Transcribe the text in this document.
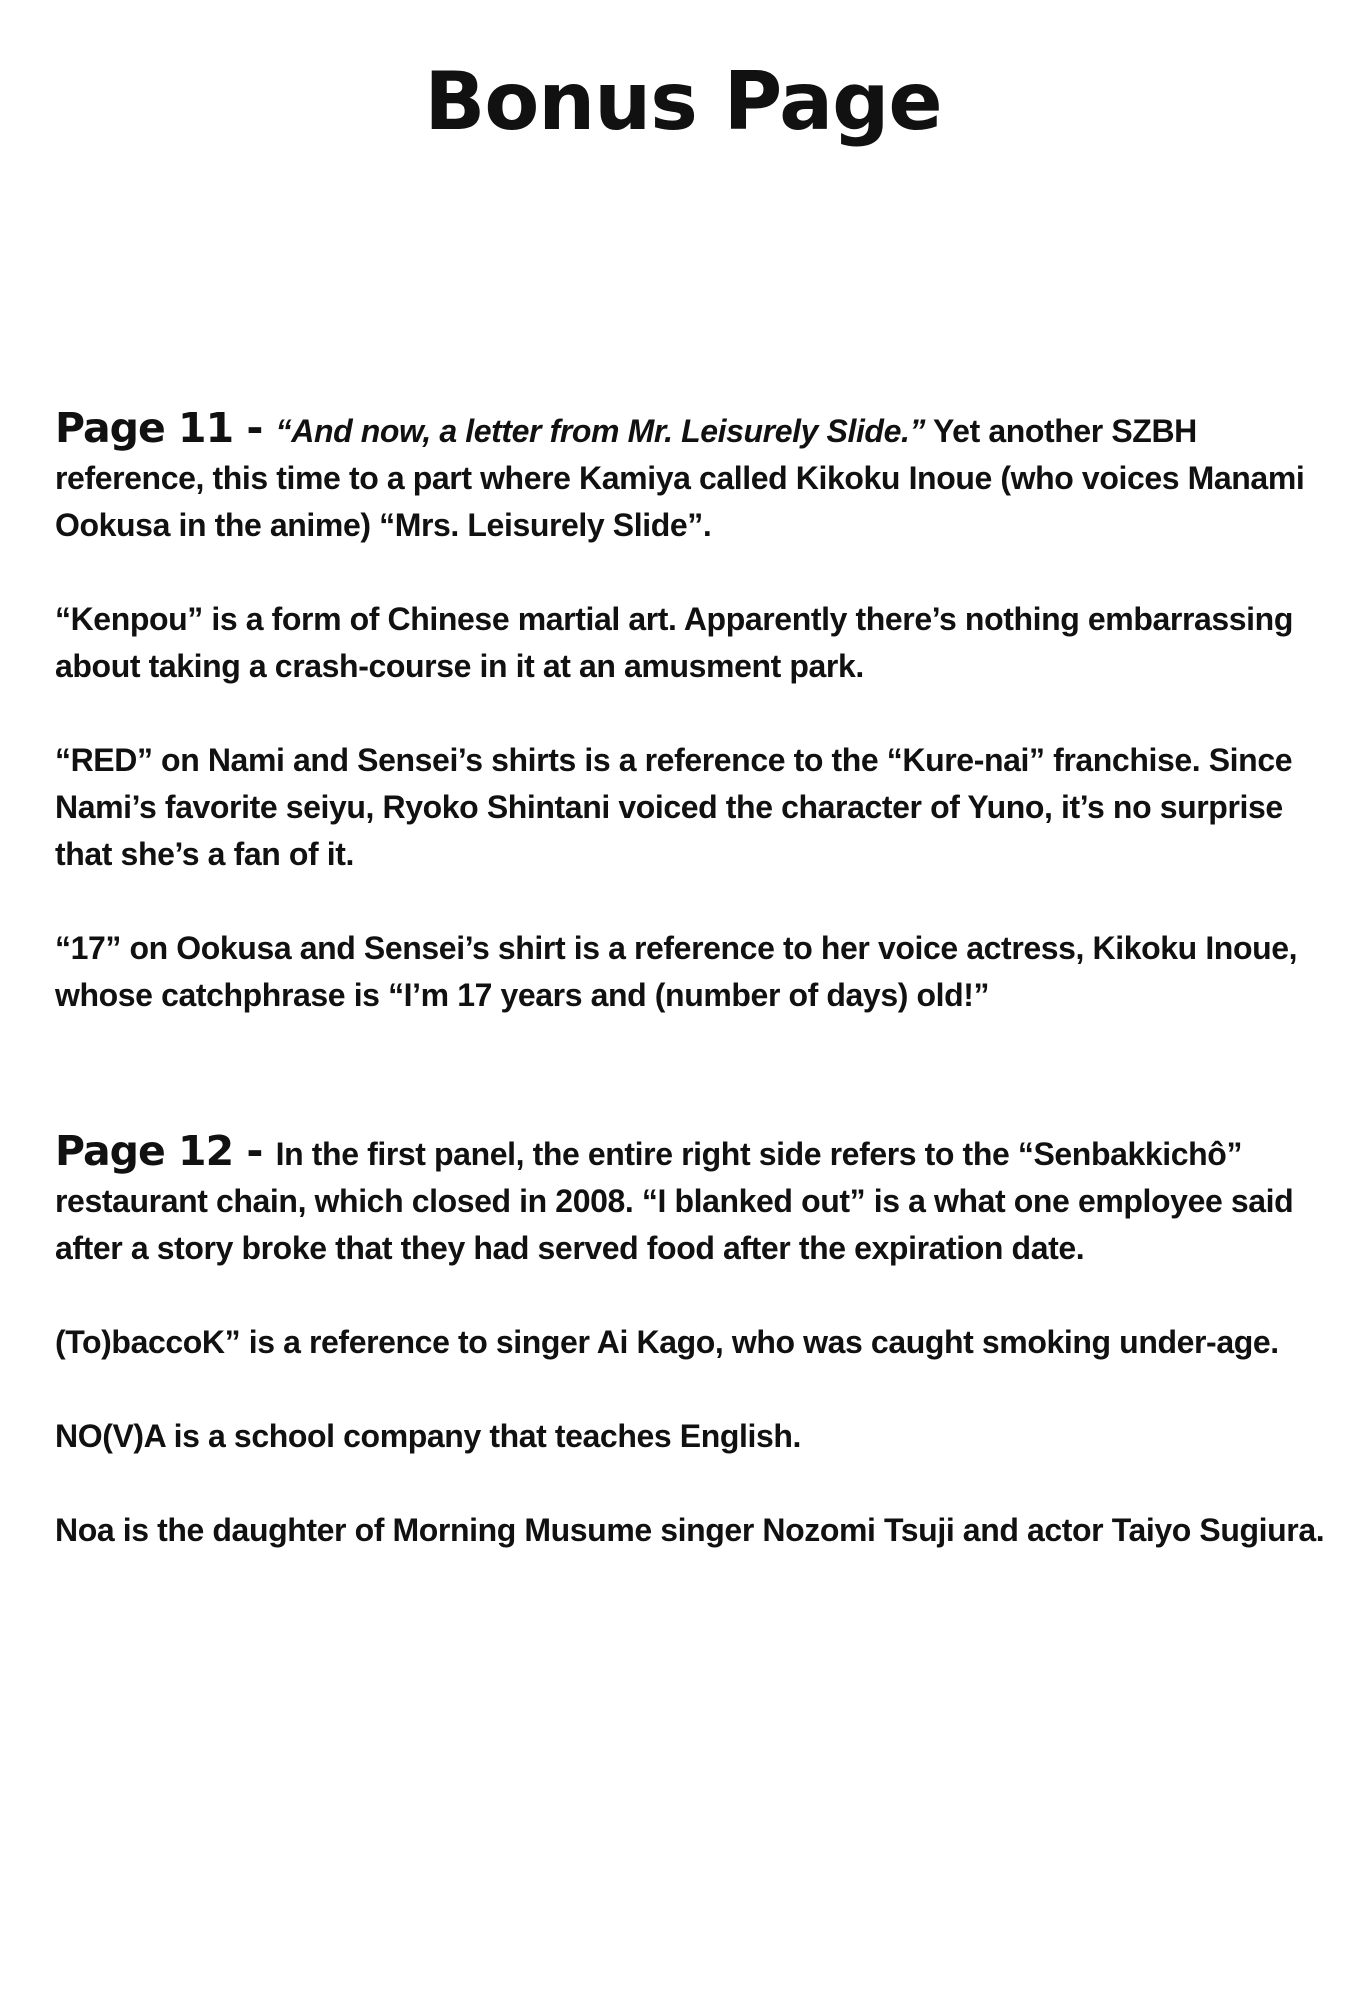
Bonus Page

Page 11 - “And now, a letter from Mr. Leisurely Slide.” Yet another SZBH reference, this time to a part where Kamiya called Kikoku Inoue (who voices Manami Ookusa in the anime) “Mrs. Leisurely Slide”.

“Kenpou” is a form of Chinese martial art. Apparently there’s nothing embarrassing about taking a crash-course in it at an amusment park.

“RED” on Nami and Sensei’s shirts is a reference to the “Kure-nai” franchise. Since Nami’s favorite seiyu, Ryoko Shintani voiced the character of Yuno, it’s no surprise that she’s a fan of it.

“17” on Ookusa and Sensei’s shirt is a reference to her voice actress, Kikoku Inoue, whose catchphrase is “I’m 17 years and (number of days) old!”

Page 12 - In the first panel, the entire right side refers to the “Senbakkichô” restaurant chain, which closed in 2008. “I blanked out” is a what one employee said after a story broke that they had served food after the expiration date.

(To)baccoK” is a reference to singer Ai Kago, who was caught smoking under-age.

NO(V)A is a school company that teaches English.

Noa is the daughter of Morning Musume singer Nozomi Tsuji and actor Taiyo Sugiura.
